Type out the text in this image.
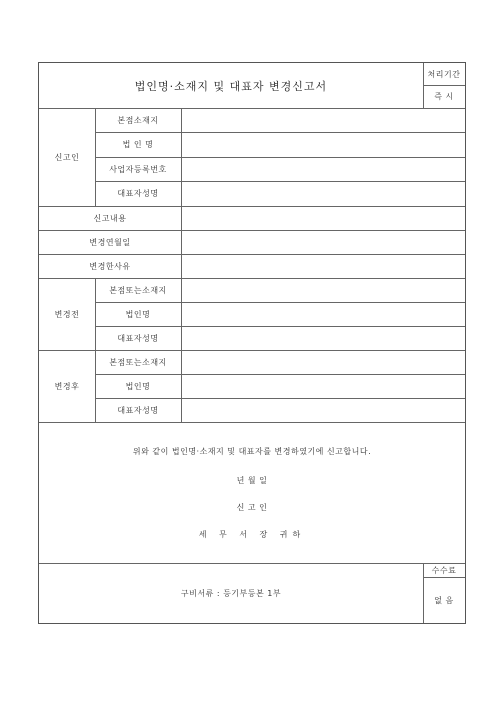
법인명·소재지 및 대표자 변경신고서
처리기간
즉 시
신고인
본점소재지
법 인 명
사업자등록번호
대표자성명
신고내용
변경연월일
변경한사유
변경전
본점또는소재지
법인명
대표자성명
변경후
본점또는소재지
법인명
대표자성명
위와 같이 법인명·소재지 및 대표자를 변경하였기에 신고합니다.
년 월 일
신 고 인
세 무 서 장 귀하
구비서류 : 등기부등본 1부
수수료
없 음
